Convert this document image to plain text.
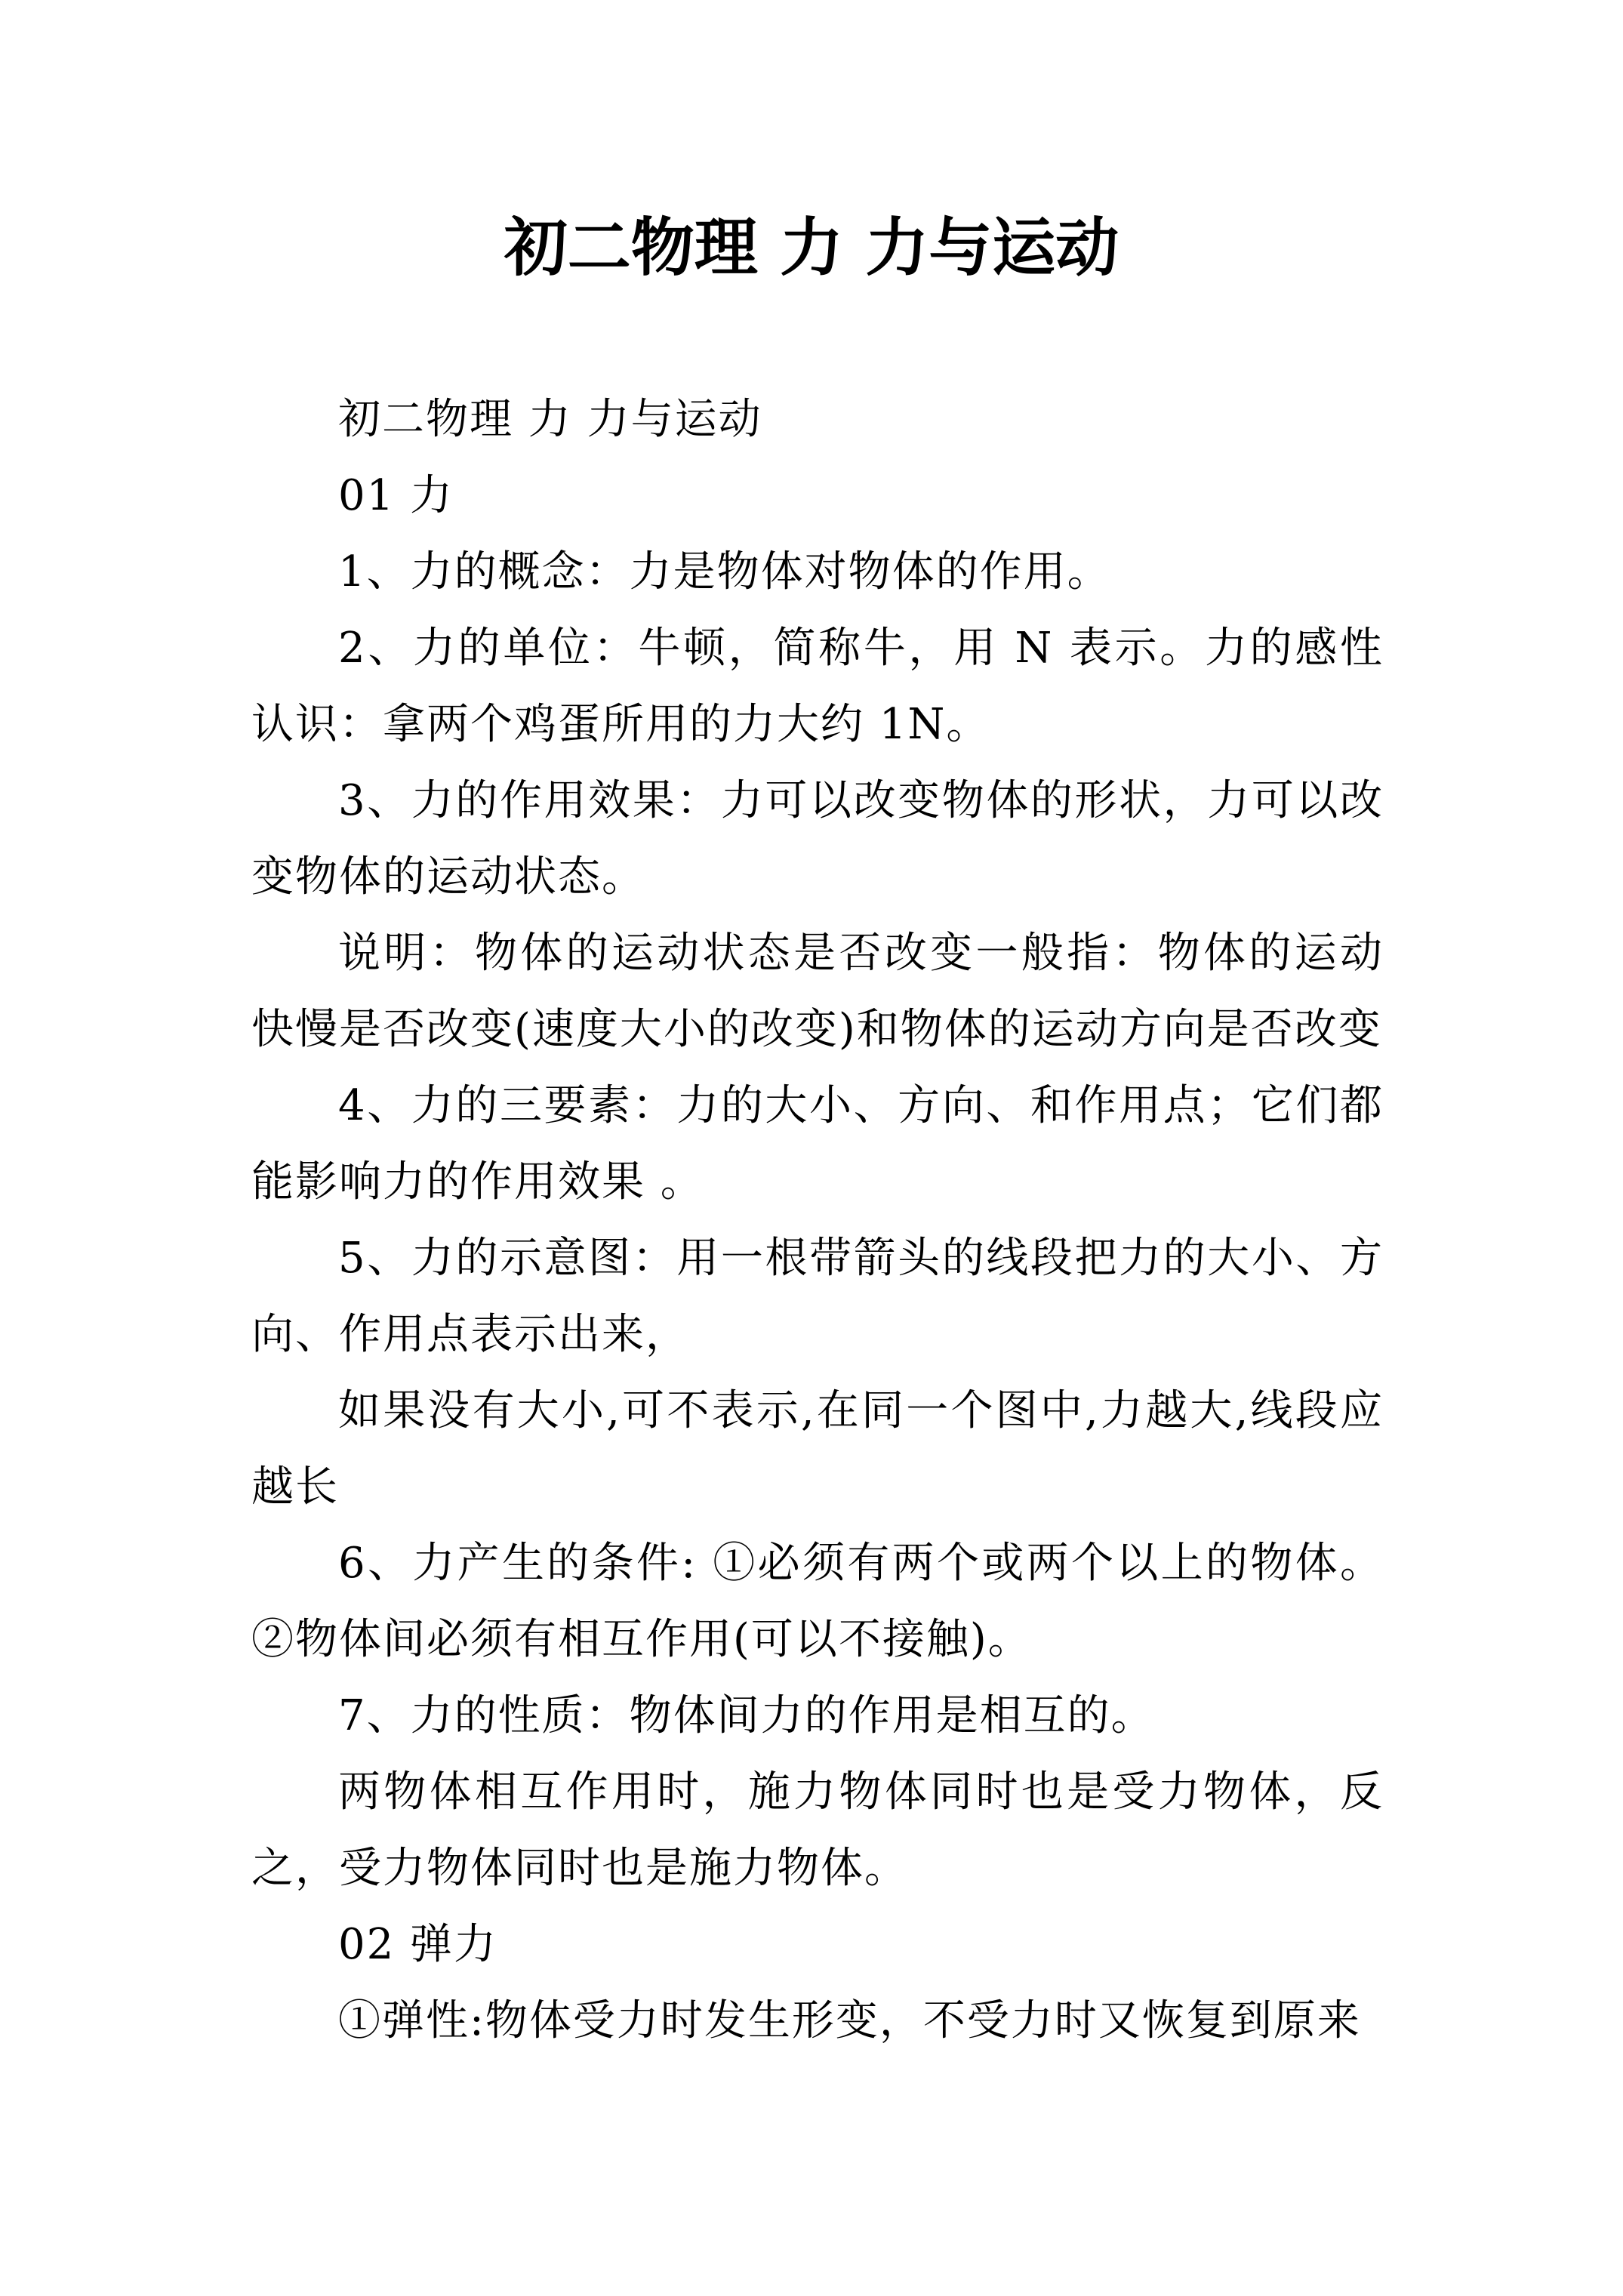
初二物理 力 力与运动

初二物理 力 力与运动

01 力

1、力的概念：力是物体对物体的作用。

2、力的单位：牛顿，简称牛，用 N 表示。力的感性认识：拿两个鸡蛋所用的力大约 1N。

3、力的作用效果：力可以改变物体的形状，力可以改变物体的运动状态。

说明：物体的运动状态是否改变一般指：物体的运动快慢是否改变(速度大小的改变)和物体的运动方向是否改变

4、力的三要素：力的大小、方向、和作用点；它们都能影响力的作用效果 。

5、力的示意图：用一根带箭头的线段把力的大小、方向、作用点表示出来，

如果没有大小,可不表示,在同一个图中,力越大,线段应越长

6、力产生的条件: ①必须有两个或两个以上的物体。②物体间必须有相互作用(可以不接触)。

7、力的性质：物体间力的作用是相互的。

两物体相互作用时，施力物体同时也是受力物体，反之，受力物体同时也是施力物体。

02 弹力

①弹性:物体受力时发生形变，不受力时又恢复到原来
